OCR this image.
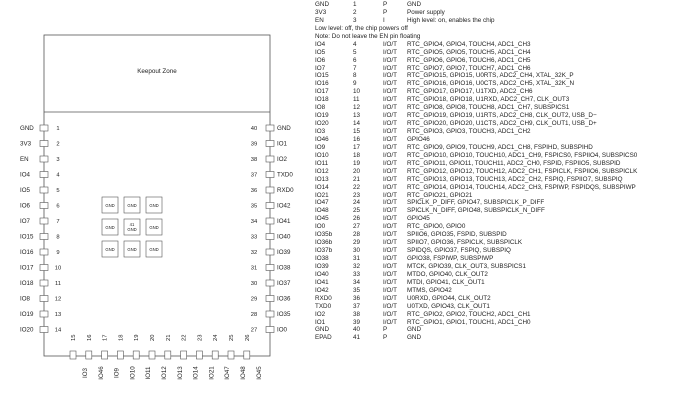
Keepout Zone
GND	1
3V3	2
EN	3
IO4	4
IO5	5
IO6	6
IO7	7
IO15	8
IO16	9
IO17	10
IO18	11
IO8	12
IO19	13
IO20	14
40	GND
39	IO1
38	IO2
37	TXD0
36	RXD0
35	IO42
34	IO41
33	IO40
32	IO39
31	IO38
30	IO37
29	IO36
28	IO35
27	IO0
15
IO3
16
IO46
17
IO9
18
IO10
19
IO11
20
IO12
21
IO13
22
IO14
23
IO21
24
IO47
25
IO48
26
IO45
GND	GND	GND
GND
41
GND	GND
GND	GND	GND
GND	1	P	GND
3V3	2	P	Power supply
EN	3	I	High level: on, enables the chip
Low level: off, the chip powers off
Note: Do not leave the EN pin floating
IO4	4	I/O/T RTC_GPIO4, GPIO4, TOUCH4, ADC1_CH3
IO5	5	I/O/T RTC_GPIO5, GPIO5, TOUCH5, ADC1_CH4
IO6	6	I/O/T RTC_GPIO6, GPIO6, TOUCH6, ADC1_CH5
IO7	7	I/O/T RTC_GPIO7, GPIO7, TOUCH7, ADC1_CH6
IO15	8	I/O/T RTC_GPIO15, GPIO15, U0RTS, ADC2_CH4, XTAL_32K_P
IO16	9	I/O/T RTC_GPIO16, GPIO16, U0CTS, ADC2_CH5, XTAL_32K_N
IO17	10	I/O/T RTC_GPIO17, GPIO17, U1TXD, ADC2_CH6
IO18	11	I/O/T RTC_GPIO18, GPIO18, U1RXD, ADC2_CH7, CLK_OUT3
IO8	12	I/O/T RTC_GPIO8, GPIO8, TOUCH8, ADC1_CH7, SUBSPICS1
IO19	13	I/O/T RTC_GPIO19, GPIO19, U1RTS, ADC2_CH8, CLK_OUT2, USB_D−
IO20	14	I/O/T RTC_GPIO20, GPIO20, U1CTS, ADC2_CH9, CLK_OUT1, USB_D+
IO3	15	I/O/T RTC_GPIO3, GPIO3, TOUCH3, ADC1_CH2
IO46	16	I/O/T GPIO46
IO9	17	I/O/T RTC_GPIO9, GPIO9, TOUCH9, ADC1_CH8, FSPIHD, SUBSPIHD
IO10	18	I/O/T RTC_GPIO10, GPIO10, TOUCH10, ADC1_CH9, FSPICS0, FSPIIO4, SUBSPICS0
IO11	19	I/O/T RTC_GPIO11, GPIO11, TOUCH11, ADC2_CH0, FSPID, FSPIIO5, SUBSPID
IO12	20	I/O/T RTC_GPIO12, GPIO12, TOUCH12, ADC2_CH1, FSPICLK, FSPIIO6, SUBSPICLK
IO13	21	I/O/T RTC_GPIO13, GPIO13, TOUCH13, ADC2_CH2, FSPIQ, FSPIIO7, SUBSPIQ
IO14	22	I/O/T RTC_GPIO14, GPIO14, TOUCH14, ADC2_CH3, FSPIWP, FSPIDQS, SUBSPIWP
IO21	23	I/O/T RTC_GPIO21, GPIO21
IO47	24	I/O/T SPICLK_P_DIFF, GPIO47, SUBSPICLK_P_DIFF
IO48	25	I/O/T SPICLK_N_DIFF, GPIO48, SUBSPICLK_N_DIFF
IO45	26	I/O/T GPIO45
IO0	27	I/O/T RTC_GPIO0, GPIO0
IO35b	28	I/O/T SPIIO6, GPIO35, FSPID, SUBSPID
IO36b	29	I/O/T SPIIO7, GPIO36, FSPICLK, SUBSPICLK
IO37b	30	I/O/T SPIDQS, GPIO37, FSPIQ, SUBSPIQ
IO38	31	I/O/T GPIO38, FSPIWP, SUBSPIWP
IO39	32	I/O/T MTCK, GPIO39, CLK_OUT3, SUBSPICS1
IO40	33	I/O/T MTDO, GPIO40, CLK_OUT2
IO41	34	I/O/T MTDI, GPIO41, CLK_OUT1
IO42	35	I/O/T MTMS, GPIO42
RXD0	36	I/O/T U0RXD, GPIO44, CLK_OUT2
TXD0	37	I/O/T U0TXD, GPIO43, CLK_OUT1
IO2	38	I/O/T RTC_GPIO2, GPIO2, TOUCH2, ADC1_CH1
IO1	39	I/O/T RTC_GPIO1, GPIO1, TOUCH1, ADC1_CH0
GND	40	P	GND
EPAD	41	P	GND
